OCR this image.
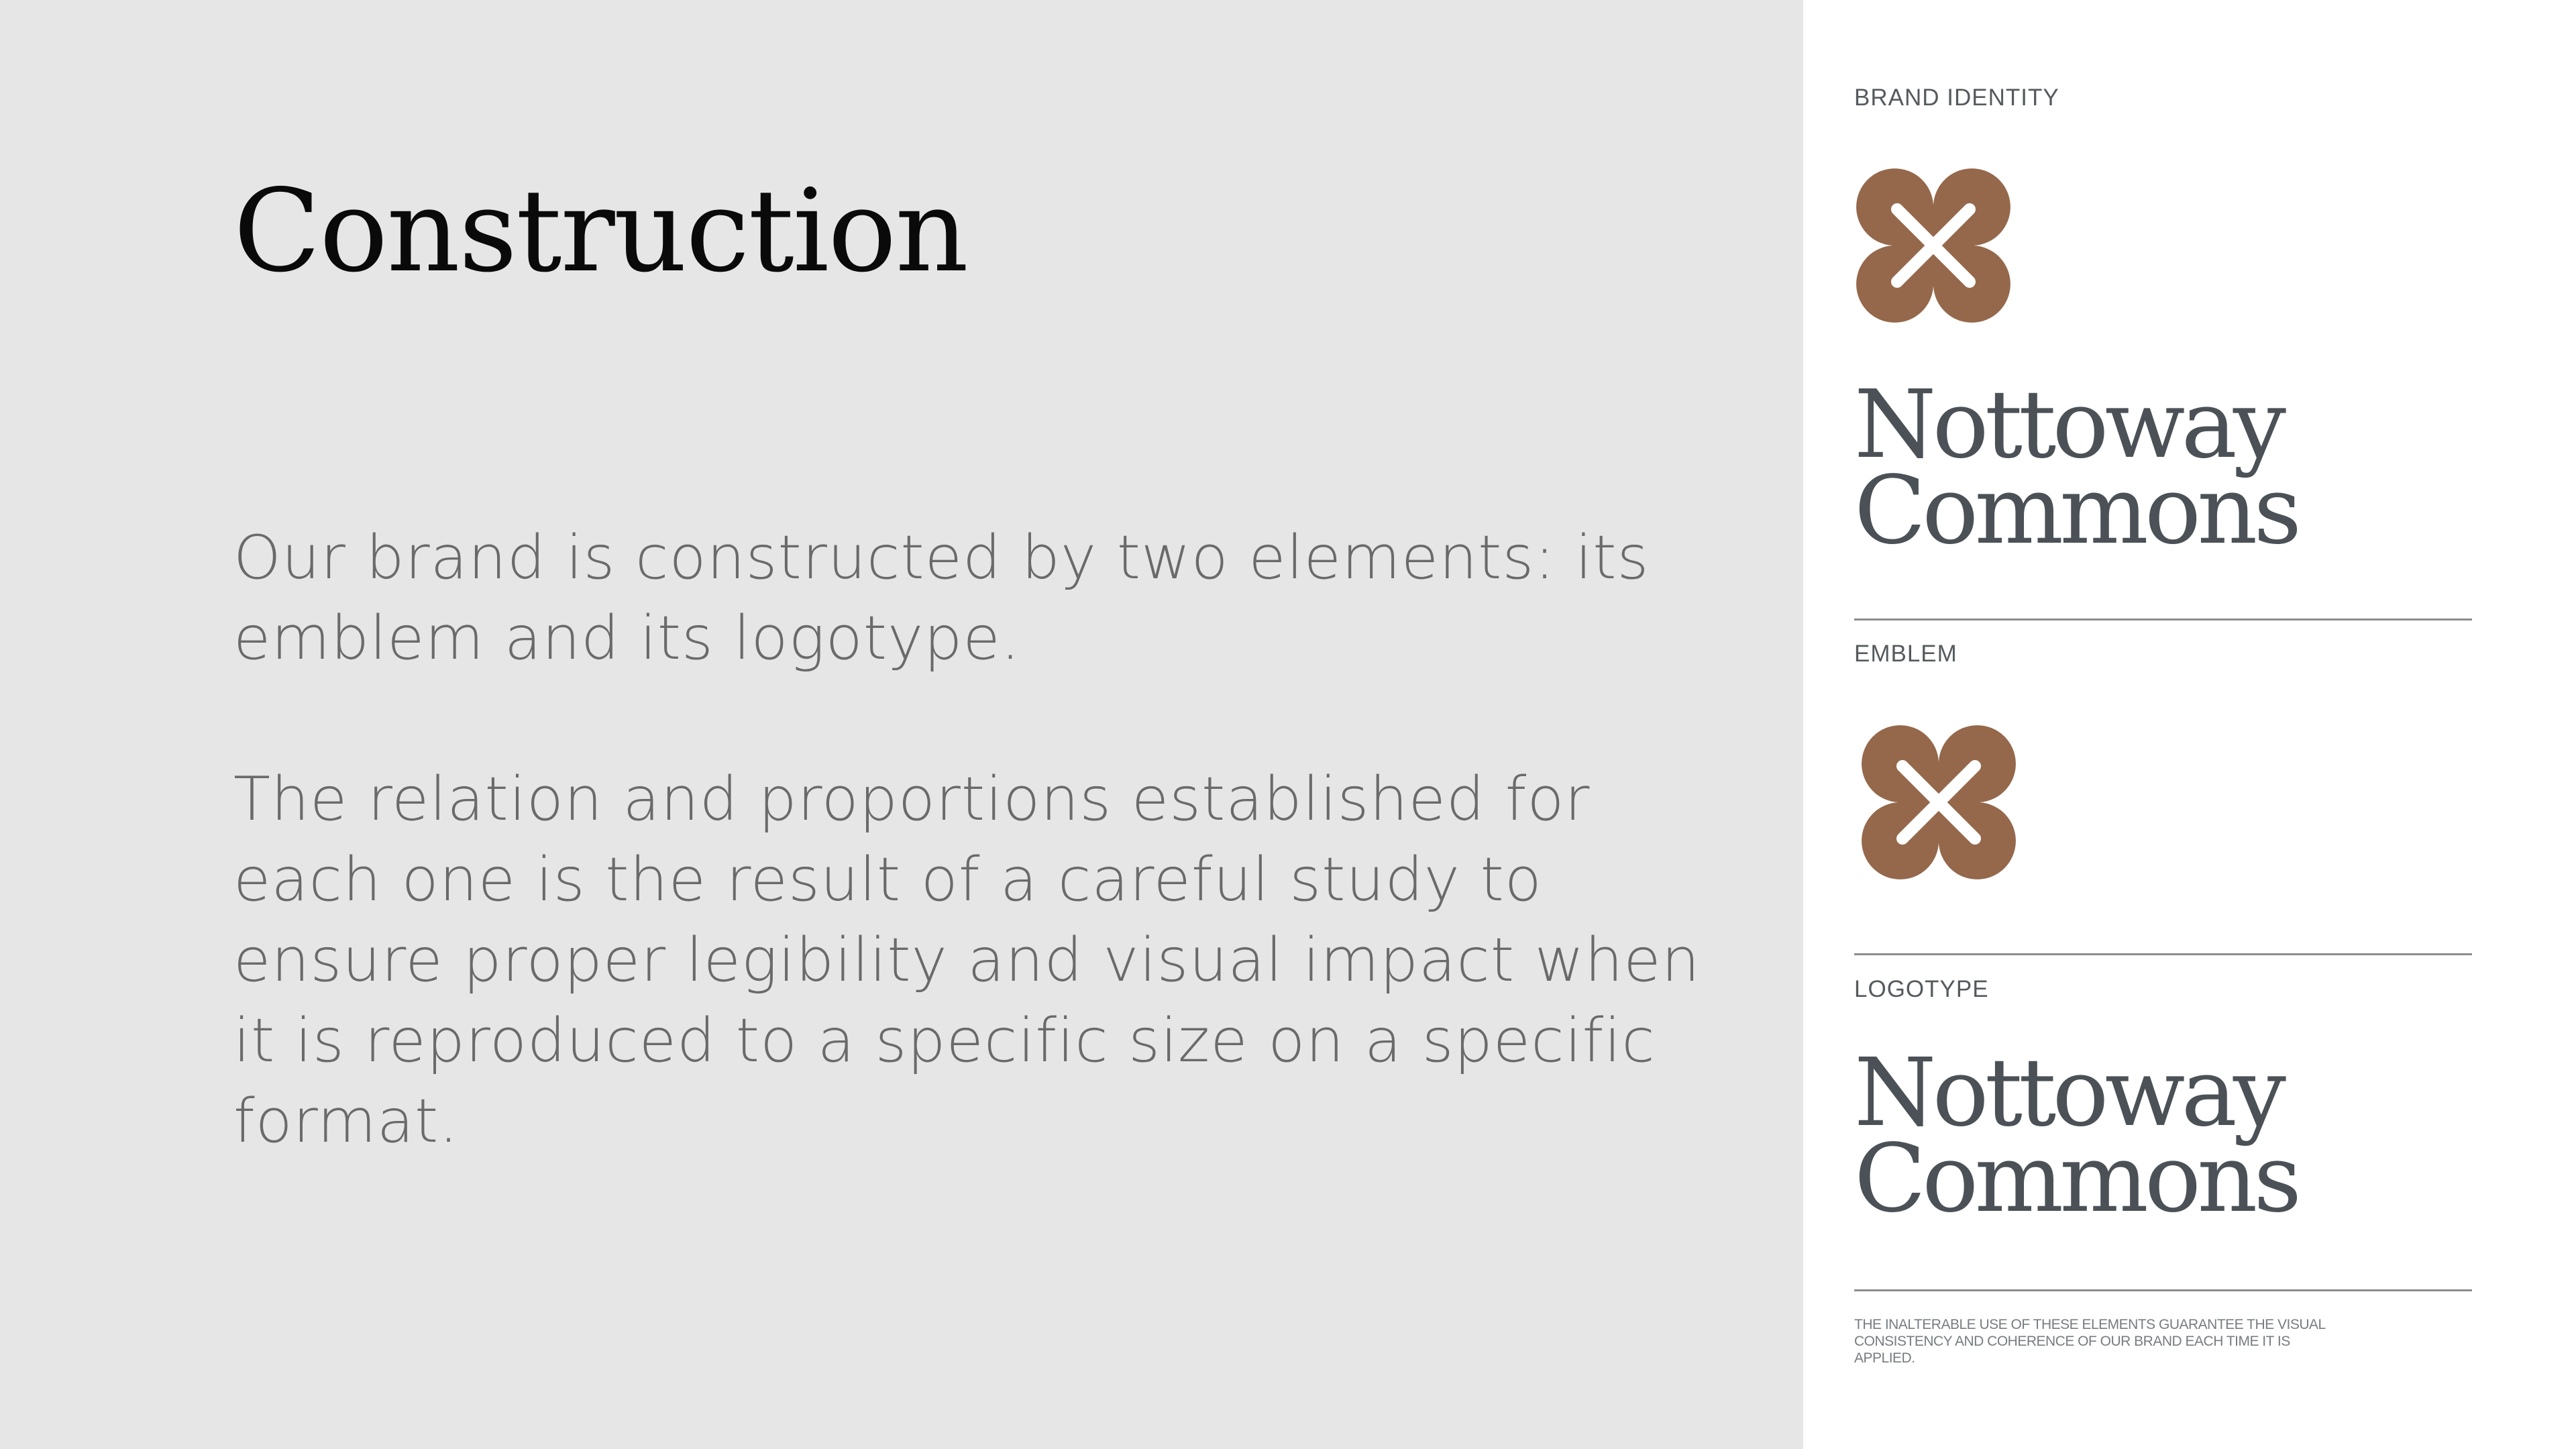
Construction

Our brand is constructed by two elements: its emblem and its logotype.

The relation and proportions established for each one is the result of a careful study to ensure proper legibility and visual impact when it is reproduced to a specific size on a specific format.

BRAND IDENTITY

Nottoway
Commons

EMBLEM

LOGOTYPE

Nottoway
Commons

THE INALTERABLE USE OF THESE ELEMENTS GUARANTEE THE VISUAL CONSISTENCY AND COHERENCE OF OUR BRAND EACH TIME IT IS APPLIED.
